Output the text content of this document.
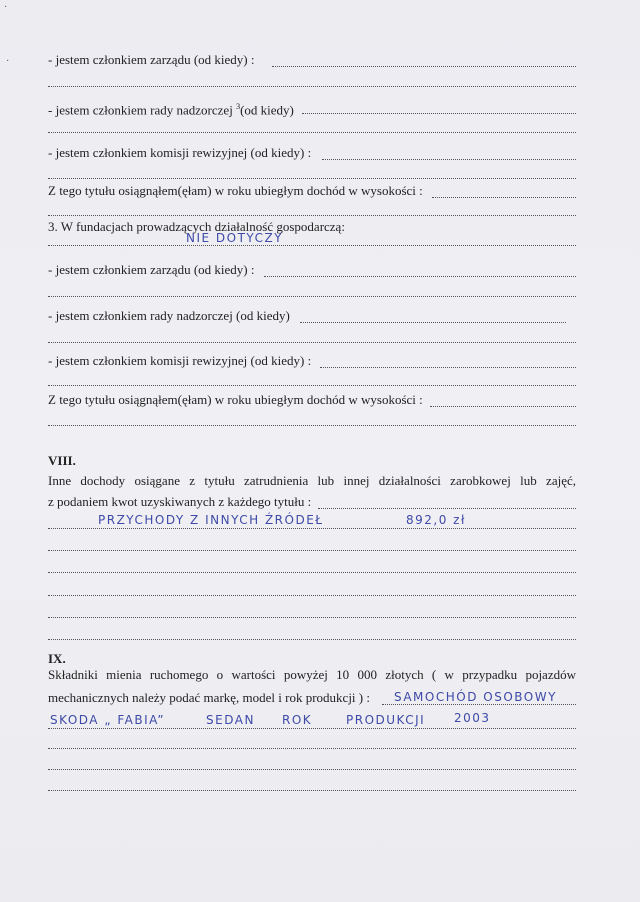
·
·	- jestem członkiem zarządu (od kiedy) :
- jestem członkiem rady nadzorczej $^3$(od kiedy)
- jestem członkiem komisji rewizyjnej (od kiedy) :
Z tego tytułu osiągnąłem(ęłam) w roku ubiegłym dochód w wysokości :
3. W fundacjach prowadzących działalność gospodarczą:
NIE DOTYCZY
- jestem członkiem zarządu (od kiedy) :
- jestem członkiem rady nadzorczej (od kiedy)
- jestem członkiem komisji rewizyjnej (od kiedy) :
Z tego tytułu osiągnąłem(ęłam) w roku ubiegłym dochód w wysokości :
VIII.
Inne dochody osiągane z tytułu zatrudnienia lub innej działalności zarobkowej lub zajęć,
z podaniem kwot uzyskiwanych z każdego tytułu :
PRZYCHODY Z INNYCH ŹRÓDEŁ	892,0 zł
IX.
Składniki mienia ruchomego o wartości powyżej 10 000 złotych ( w przypadku pojazdów
mechanicznych należy podać markę, model i rok produkcji ) :	SAMOCHÓD OSOBOWY
SKODA „ FABIA”	SEDAN ROK	PRODUKCJI 2003
